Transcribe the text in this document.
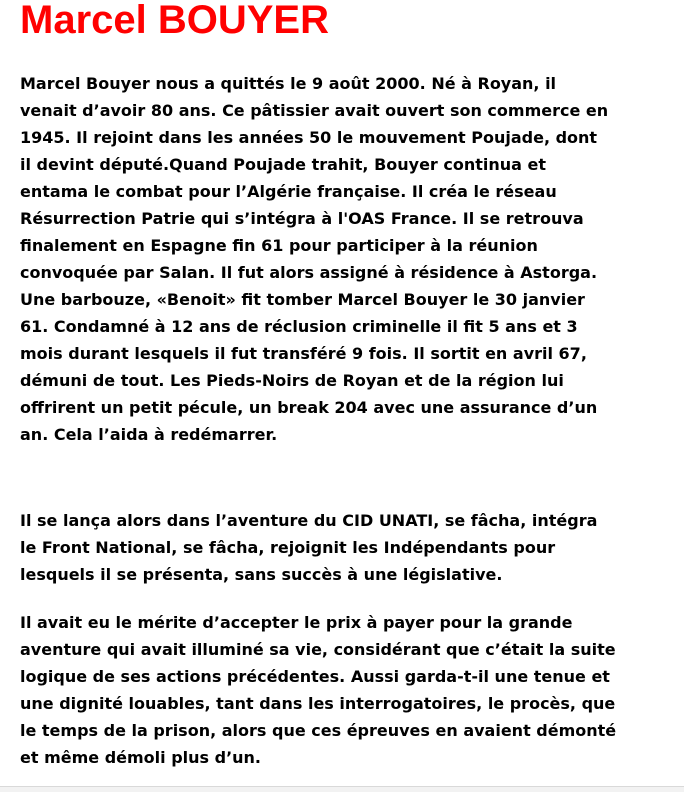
Marcel BOUYER

Marcel Bouyer nous a quittés le 9 août 2000. Né à Royan, il
venait d’avoir 80 ans. Ce pâtissier avait ouvert son commerce en
1945. Il rejoint dans les années 50 le mouvement Poujade, dont
il devint député.Quand Poujade trahit, Bouyer continua et
entama le combat pour l’Algérie française. Il créa le réseau
Résurrection Patrie qui s’intégra à l'OAS France. Il se retrouva
finalement en Espagne fin 61 pour participer à la réunion
convoquée par Salan. Il fut alors assigné à résidence à Astorga.
Une barbouze, «Benoit» fit tomber Marcel Bouyer le 30 janvier
61. Condamné à 12 ans de réclusion criminelle il fit 5 ans et 3
mois durant lesquels il fut transféré 9 fois. Il sortit en avril 67,
démuni de tout. Les Pieds-Noirs de Royan et de la région lui
offrirent un petit pécule, un break 204 avec une assurance d’un
an. Cela l’aida à redémarrer.

Il se lança alors dans l’aventure du CID UNATI, se fâcha, intégra
le Front National, se fâcha, rejoignit les Indépendants pour
lesquels il se présenta, sans succès à une législative.

Il avait eu le mérite d’accepter le prix à payer pour la grande
aventure qui avait illuminé sa vie, considérant que c’était la suite
logique de ses actions précédentes. Aussi garda-t-il une tenue et
une dignité louables, tant dans les interrogatoires, le procès, que
le temps de la prison, alors que ces épreuves en avaient démonté
et même démoli plus d’un.
